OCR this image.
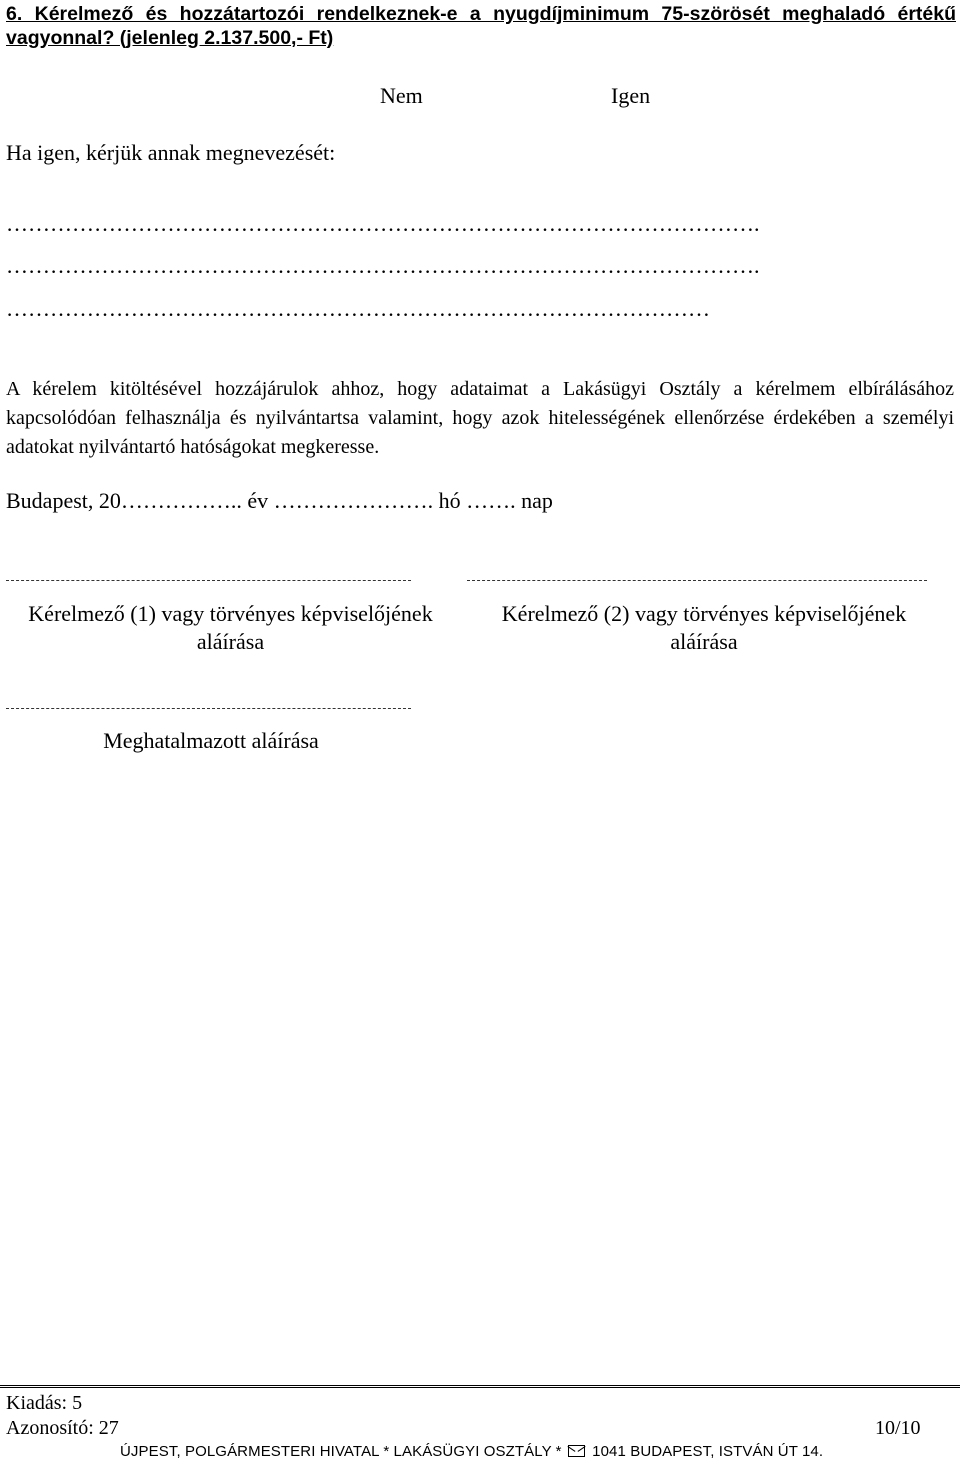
6. Kérelmező és hozzátartozói rendelkeznek-e a nyugdíjminimum 75-szörösét meghaladó értékű vagyonnal? (jelenleg 2.137.500,- Ft)
Nem	Igen
Ha igen, kérjük annak megnevezését:
………………………………………………………………………………………….
………………………………………………………………………………………….
……………………………………………………………………………………
A kérelem kitöltésével hozzájárulok ahhoz, hogy adataimat a Lakásügyi Osztály a kérelmem elbírálásához kapcsolódóan felhasználja és nyilvántartsa valamint, hogy azok hitelességének ellenőrzése érdekében a személyi adatokat nyilvántartó hatóságokat megkeresse.
Budapest, 20…………….. év …………………. hó ……. nap
Kérelmező (1) vagy törvényes képviselőjének
aláírása
Kérelmező (2) vagy törvényes képviselőjének
aláírása
Meghatalmazott aláírása
Kiadás: 5
Azonosító: 27	10/10
ÚJPEST, POLGÁRMESTERI HIVATAL * LAKÁSÜGYI OSZTÁLY * 1041 BUDAPEST, ISTVÁN ÚT 14.
